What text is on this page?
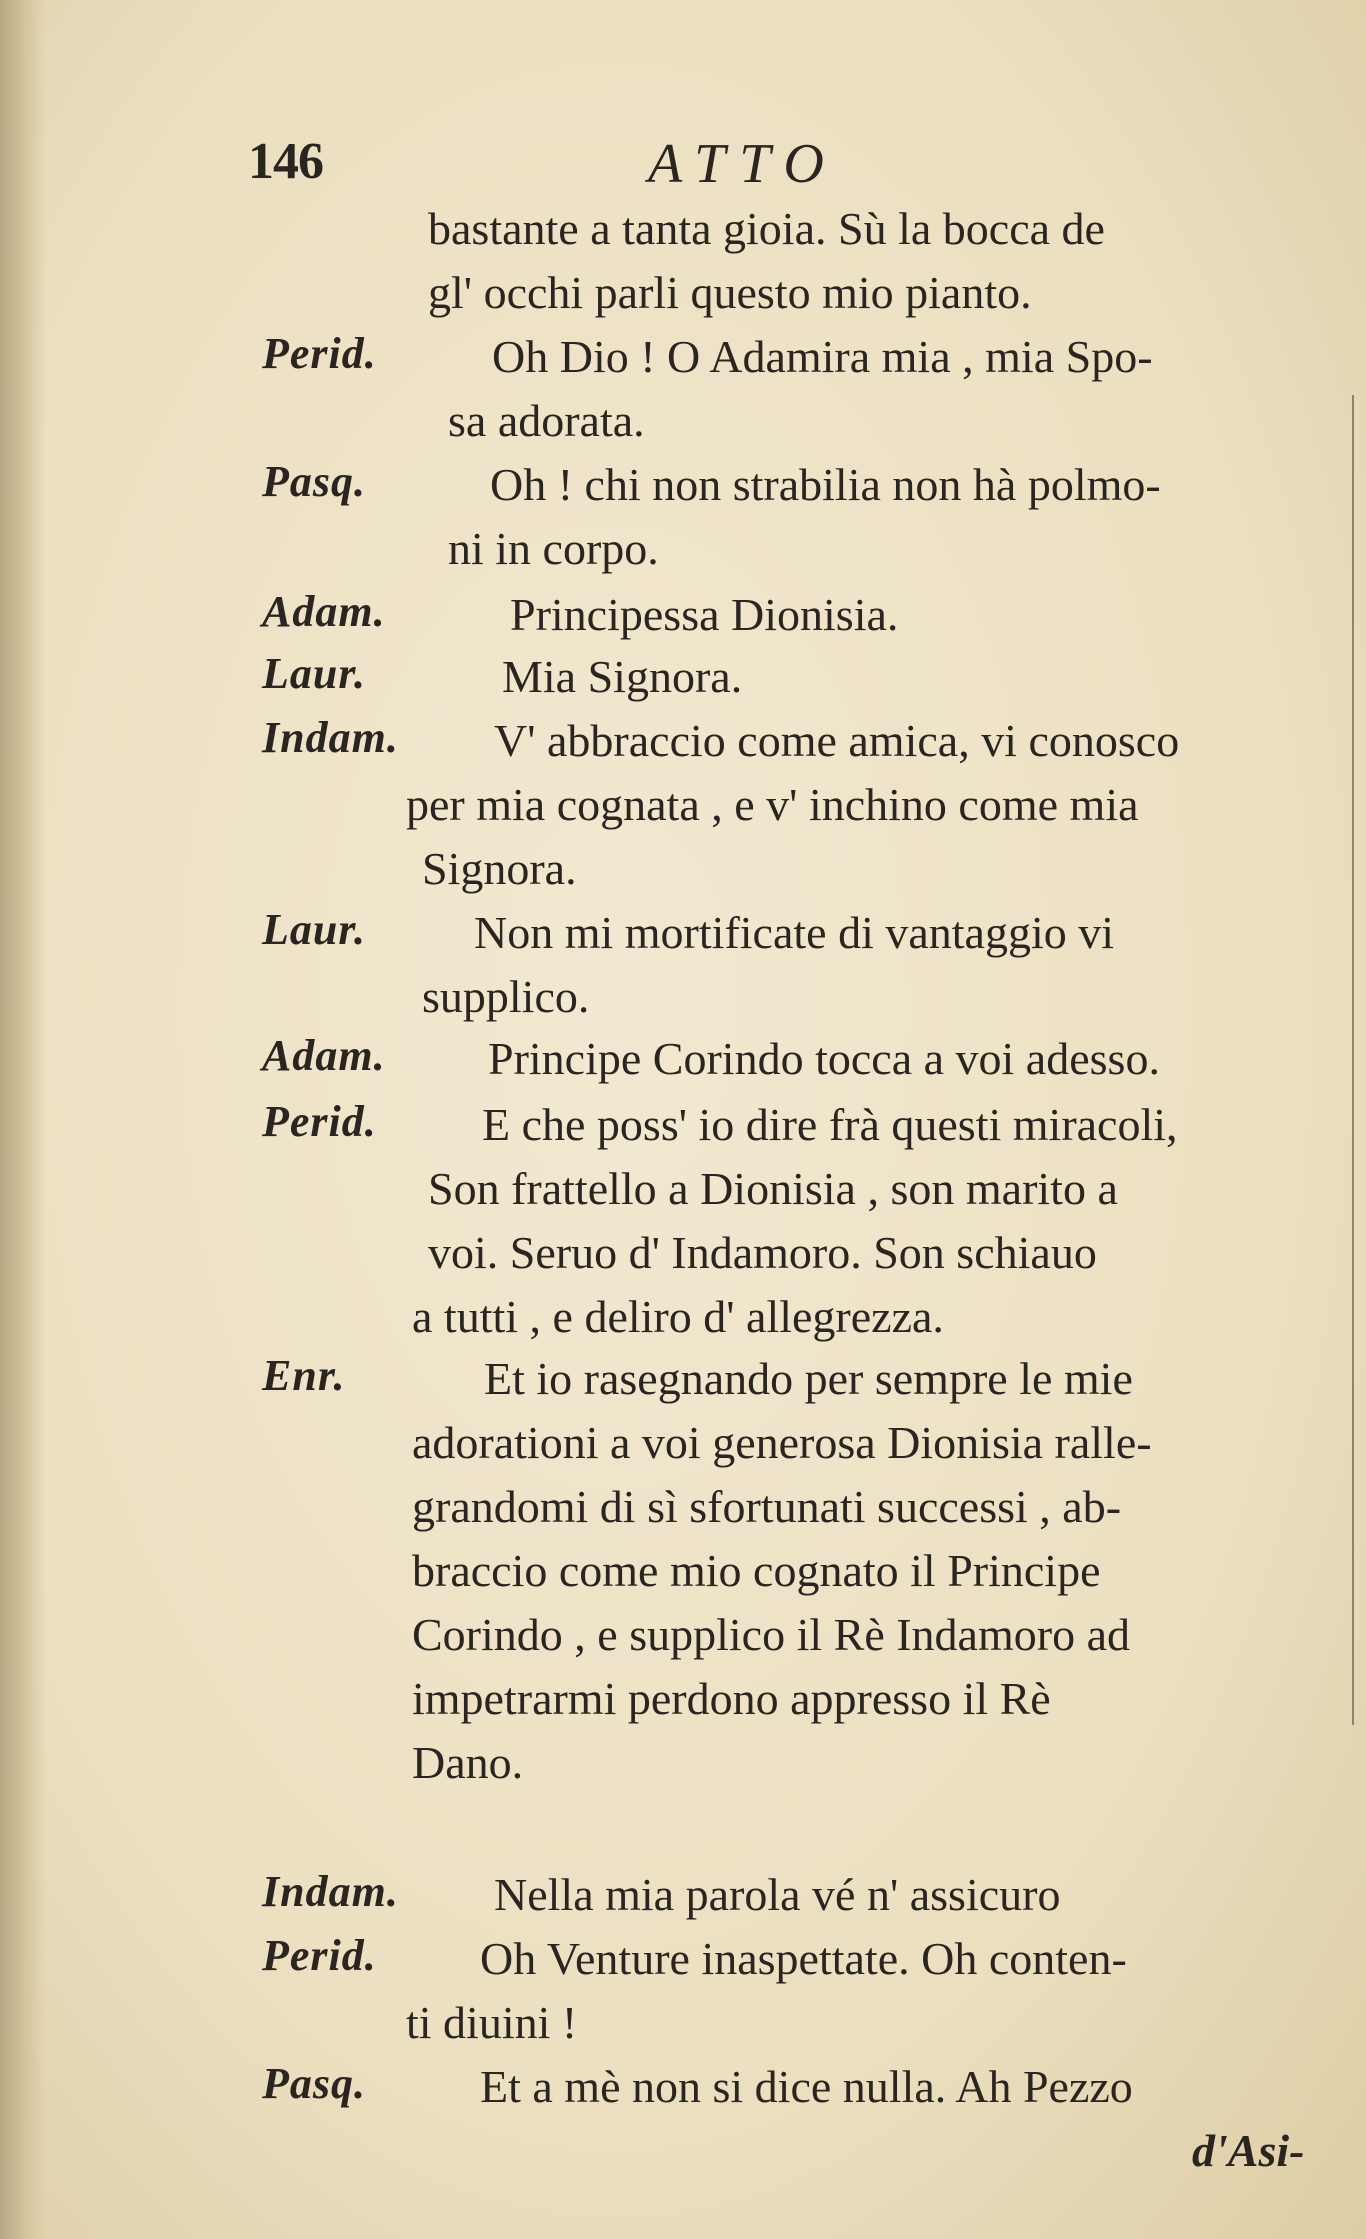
146	ATTO
bastante a tanta gioia. Sù la bocca de
gl' occhi parli questo mio pianto.
Perid.	Oh Dio ! O Adamira mia , mia Spo-
sa adorata.
Pasq.	Oh ! chi non strabilia non hà polmo-
ni in corpo.
Adam.	Principessa Dionisia.
Laur.	Mia Signora.
Indam. V' abbraccio come amica, vi conosco
per mia cognata , e v' inchino come mia
Signora.
Laur. Non mi mortificate di vantaggio vi
supplico.
Adam. Principe Corindo tocca a voi adesso.
Perid. E che poss' io dire frà questi miracoli,
Son frattello a Dionisia , son marito a
voi. Seruo d' Indamoro. Son schiauo
a tutti , e deliro d' allegrezza.
Enr.	Et io rasegnando per sempre le mie
adorationi a voi generosa Dionisia ralle-
grandomi di sì sfortunati successi , ab-
braccio come mio cognato il Principe
Corindo , e supplico il Rè Indamoro ad
impetrarmi perdono appresso il Rè
Dano.
Indam. Nella mia parola vé n' assicuro
Perid. Oh Venture inaspettate. Oh conten-
ti diuini !
Pasq. Et a mè non si dice nulla. Ah Pezzo
d'Asi-
